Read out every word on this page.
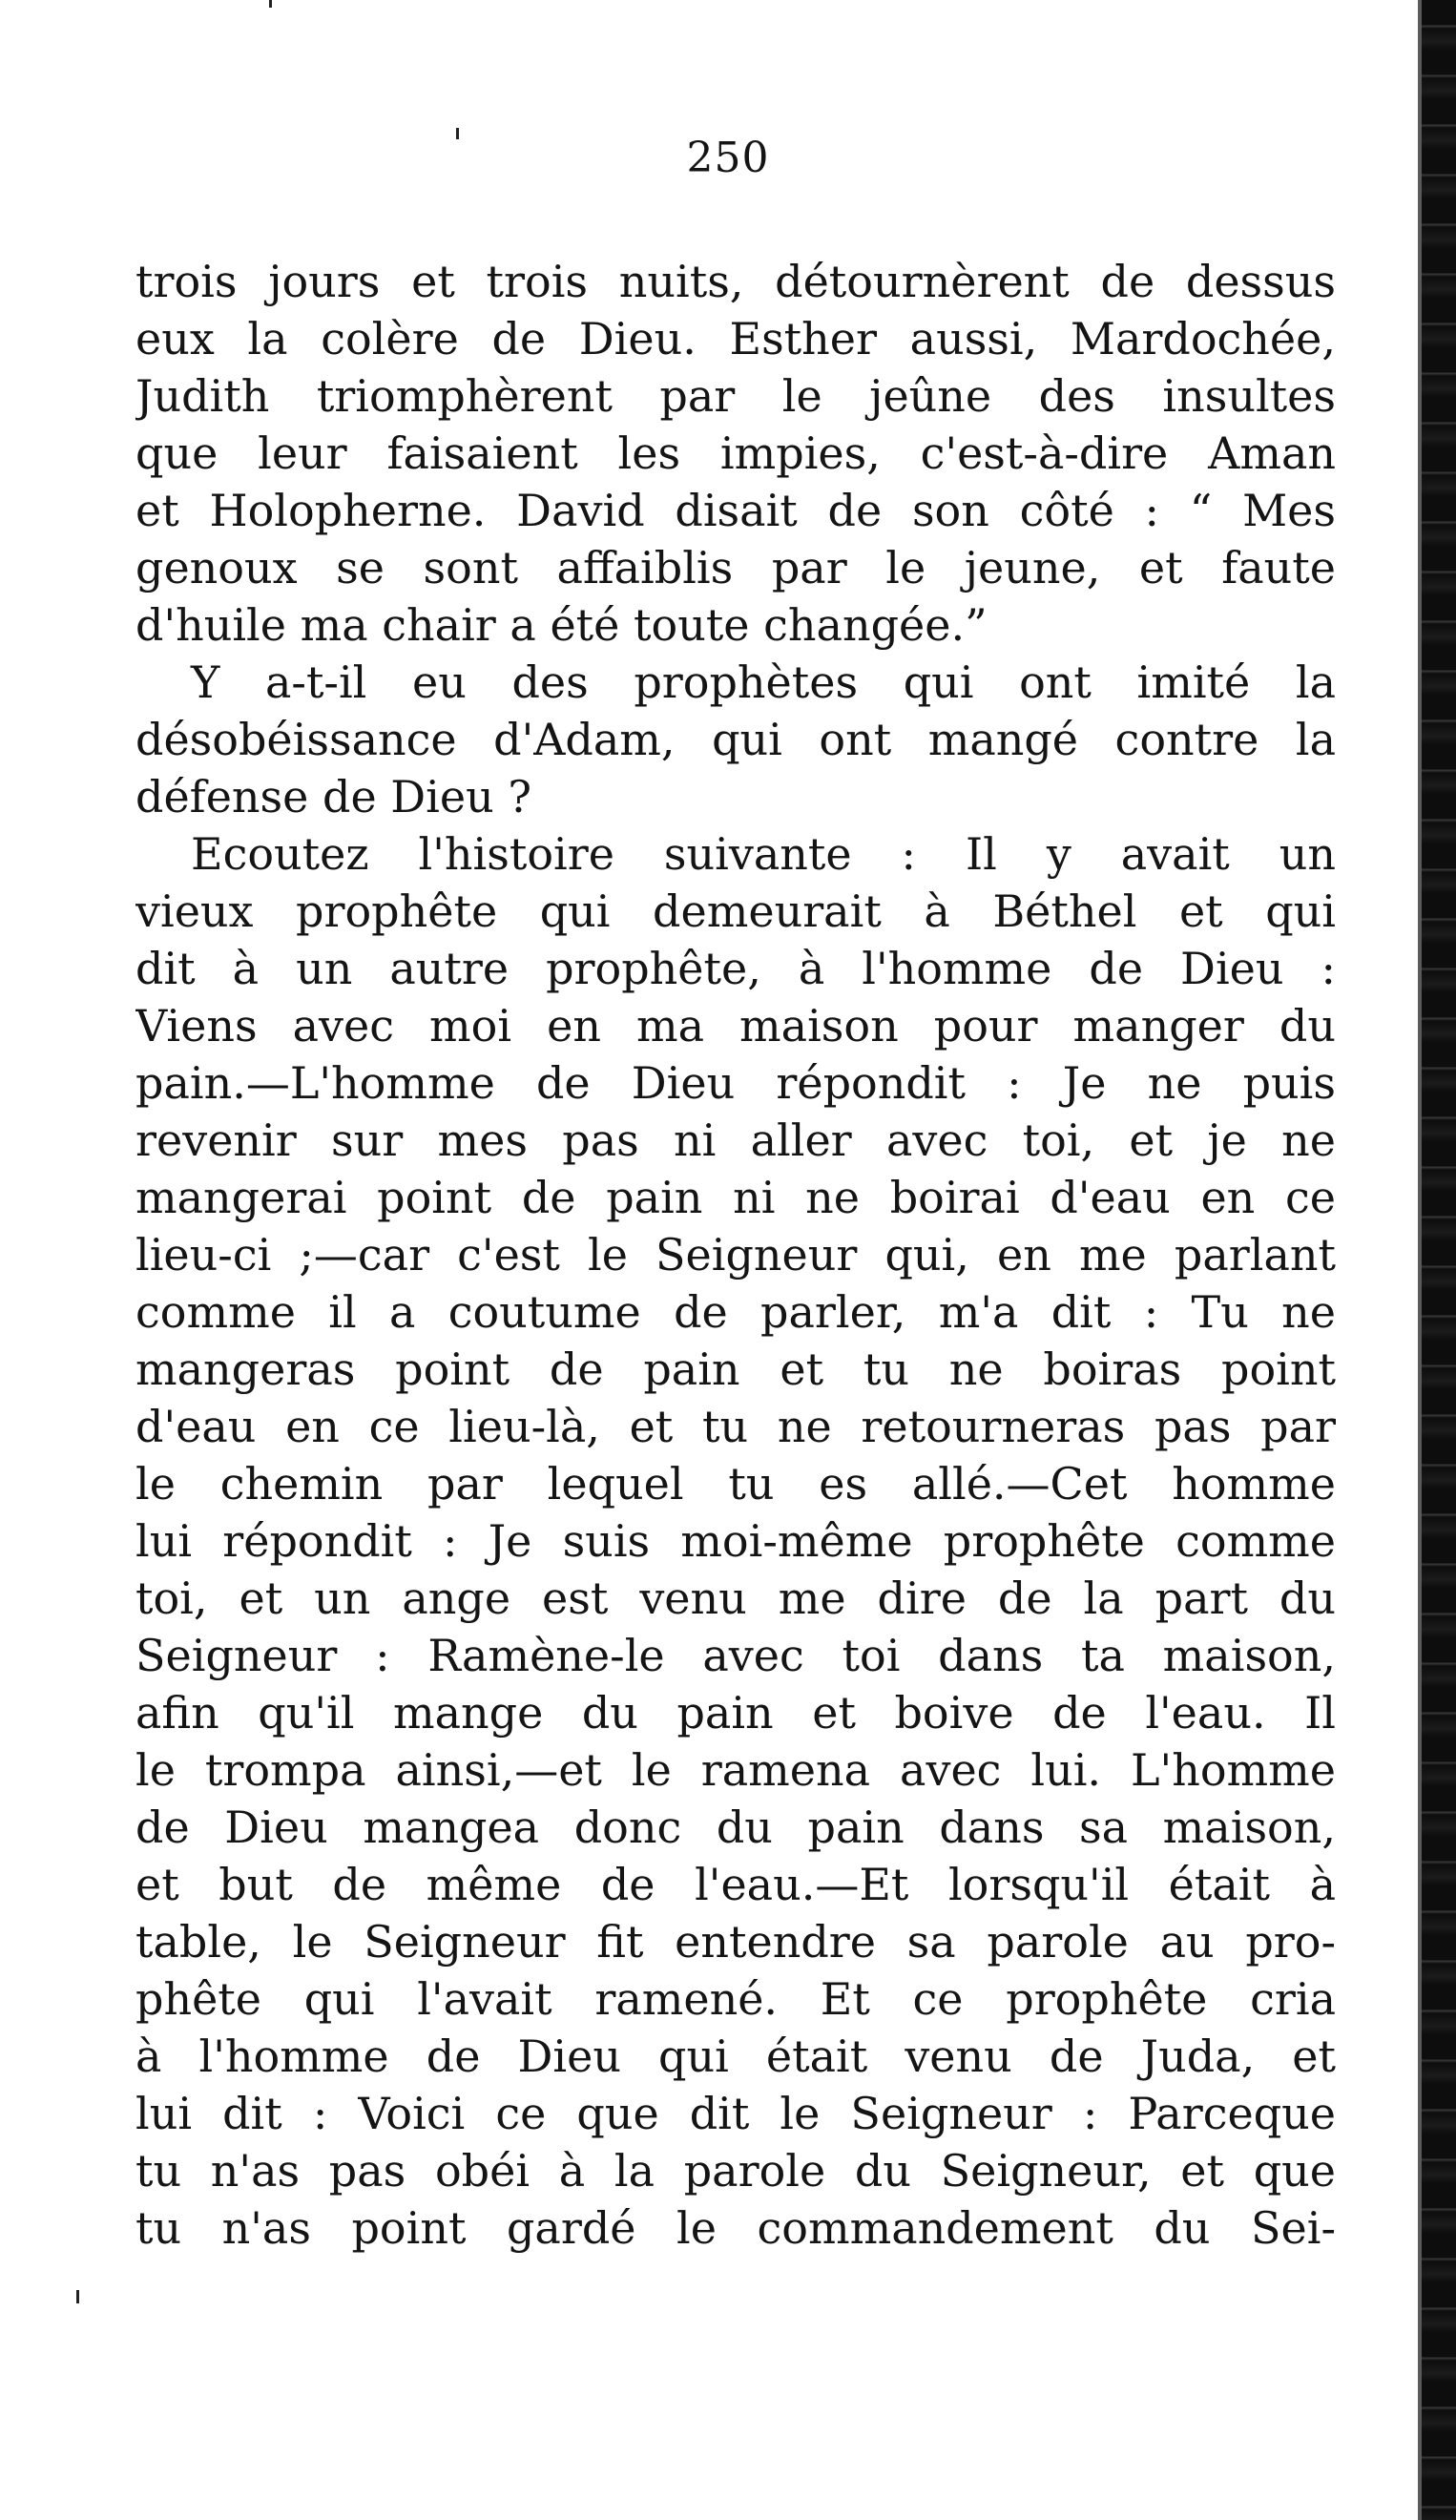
250
trois jours et trois nuits, détournèrent de dessus
eux la colère de Dieu. Esther aussi, Mardochée,
Judith triomphèrent par le jeûne des insultes
que leur faisaient les impies, c'est-à-dire Aman
et Holopherne. David disait de son côté : “ Mes
genoux se sont affaiblis par le jeune, et faute
d'huile ma chair a été toute changée.”
Y a-t-il eu des prophètes qui ont imité la
désobéissance d'Adam, qui ont mangé contre la
défense de Dieu ?
Ecoutez l'histoire suivante : Il y avait un
vieux prophête qui demeurait à Béthel et qui
dit à un autre prophête, à l'homme de Dieu :
Viens avec moi en ma maison pour manger du
pain.—L'homme de Dieu répondit : Je ne puis
revenir sur mes pas ni aller avec toi, et je ne
mangerai point de pain ni ne boirai d'eau en ce
lieu-ci ;—car c'est le Seigneur qui, en me parlant
comme il a coutume de parler, m'a dit : Tu ne
mangeras point de pain et tu ne boiras point
d'eau en ce lieu-là, et tu ne retourneras pas par
le chemin par lequel tu es allé.—Cet homme
lui répondit : Je suis moi-même prophête comme
toi, et un ange est venu me dire de la part du
Seigneur : Ramène-le avec toi dans ta maison,
afin qu'il mange du pain et boive de l'eau. Il
le trompa ainsi,—et le ramena avec lui. L'homme
de Dieu mangea donc du pain dans sa maison,
et but de même de l'eau.—Et lorsqu'il était à
table, le Seigneur fit entendre sa parole au pro-
phête qui l'avait ramené. Et ce prophête cria
à l'homme de Dieu qui était venu de Juda, et
lui dit : Voici ce que dit le Seigneur : Parceque
tu n'as pas obéi à la parole du Seigneur, et que
tu n'as point gardé le commandement du Sei-
